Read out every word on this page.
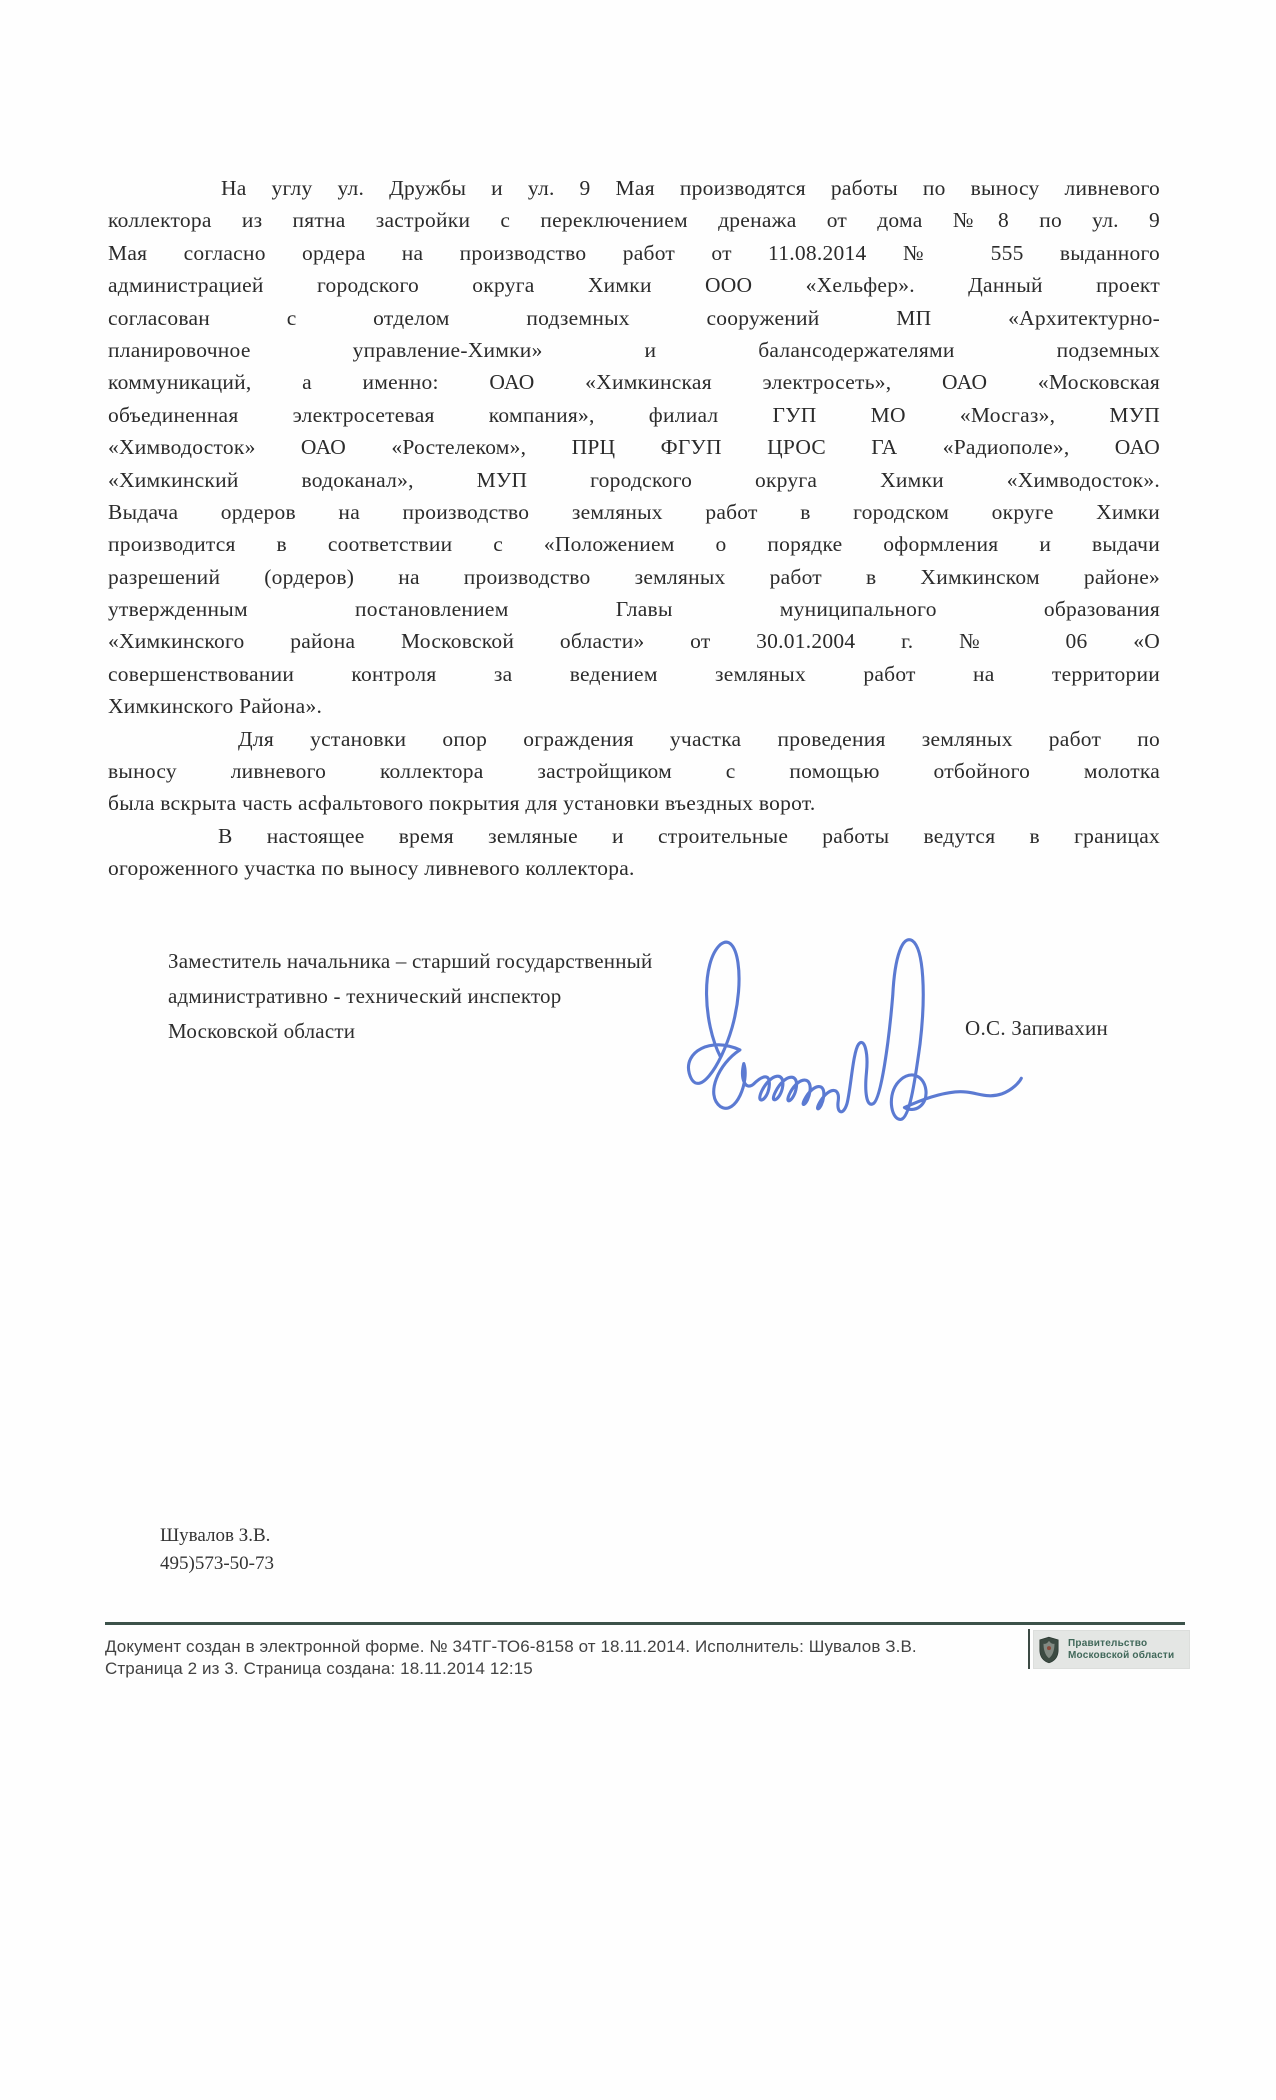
На углу ул. Дружбы и ул. 9 Мая производятся работы по выносу ливневого
коллектора из пятна застройки с переключением дренажа от дома №8 по ул. 9
Мая согласно ордера на производство работ от 11.08.2014 № 555 выданного
администрацией городского округа Химки ООО «Хельфер». Данный проект
согласован с отделом подземных сооружений МП «Архитектурно-
планировочное управление-Химки» и балансодержателями подземных
коммуникаций, а именно: ОАО «Химкинская электросеть», ОАО «Московская
объединенная электросетевая компания», филиал ГУП МО «Мосгаз», МУП
«Химводосток» ОАО «Ростелеком», ПРЦ ФГУП ЦРОС ГА «Радиополе», ОАО
«Химкинский водоканал», МУП городского округа Химки «Химводосток».
Выдача ордеров на производство земляных работ в городском округе Химки
производится в соответствии с «Положением о порядке оформления и выдачи
разрешений (ордеров) на производство земляных работ в Химкинском районе»
утвержденным постановлением Главы муниципального образования
«Химкинского района Московской области» от 30.01.2004 г. № 06 «О
совершенствовании контроля за ведением земляных работ на территории
Химкинского Района».
Для установки опор ограждения участка проведения земляных работ по
выносу ливневого коллектора застройщиком с помощью отбойного молотка
была вскрыта часть асфальтового покрытия для установки въездных ворот.
В настоящее время земляные и строительные работы ведутся в границах
огороженного участка по выносу ливневого коллектора.
Заместитель начальника – старший государственный
административно - технический инспектор
Московской области	О.С. Запивахин
Шувалов З.В.
495)573-50-73
Документ создан в электронной форме. № 34ТГ-ТО6-8158 от 18.11.2014. Исполнитель: Шувалов З.В.
Страница 2 из 3. Страница создана: 18.11.2014 12:15
Правительство
Московской области
